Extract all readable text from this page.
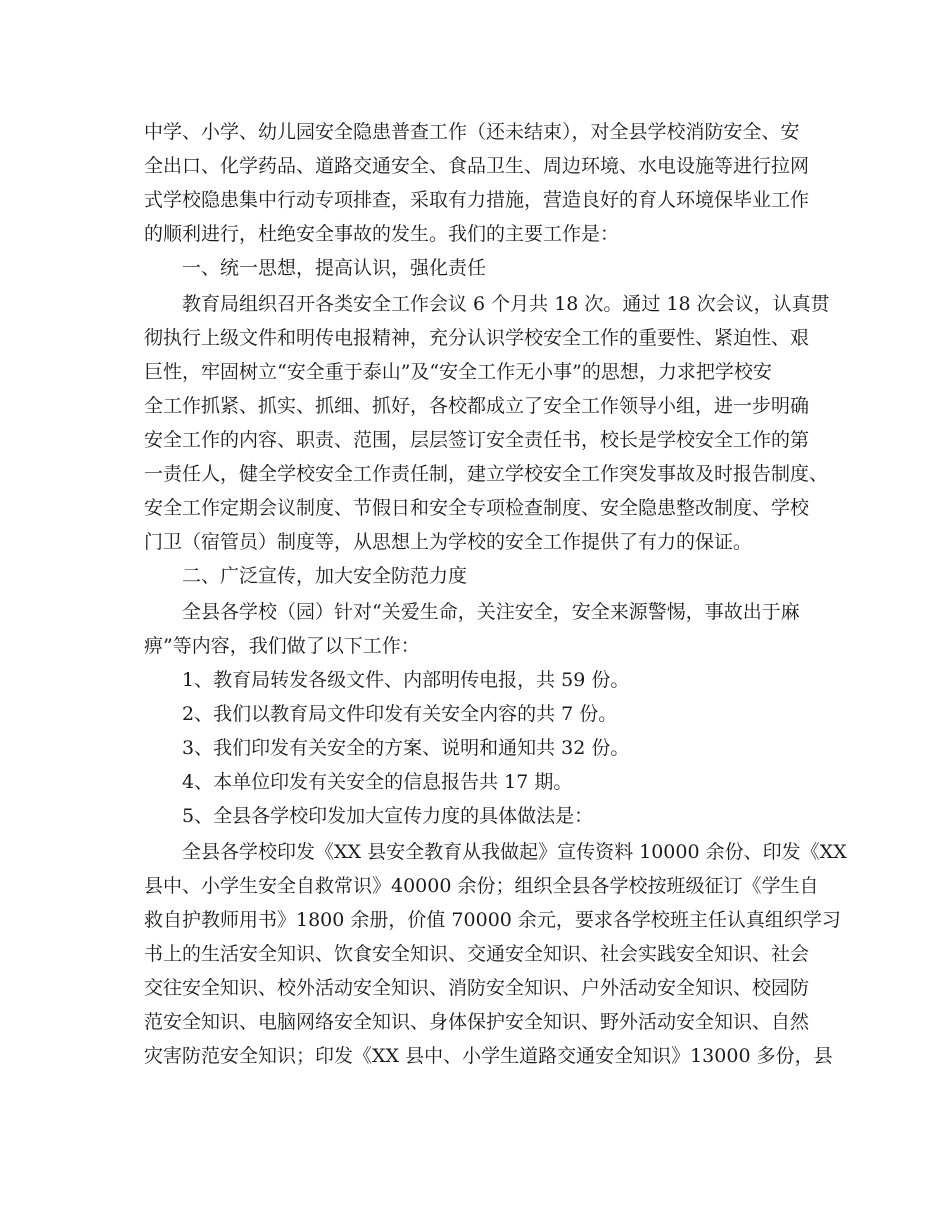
中学、小学、幼儿园安全隐患普查工作（还未结束），对全县学校消防安全、安
全出口、化学药品、道路交通安全、食品卫生、周边环境、水电设施等进行拉网
式学校隐患集中行动专项排查，采取有力措施，营造良好的育人环境保毕业工作
的顺利进行，杜绝安全事故的发生。我们的主要工作是：
一、统一思想，提高认识，强化责任
教育局组织召开各类安全工作会议 6 个月共 18 次。通过 18 次会议，认真贯
彻执行上级文件和明传电报精神，充分认识学校安全工作的重要性、紧迫性、艰
巨性，牢固树立“安全重于泰山”及“安全工作无小事”的思想，力求把学校安
全工作抓紧、抓实、抓细、抓好，各校都成立了安全工作领导小组，进一步明确
安全工作的内容、职责、范围，层层签订安全责任书，校长是学校安全工作的第
一责任人，健全学校安全工作责任制，建立学校安全工作突发事故及时报告制度、
安全工作定期会议制度、节假日和安全专项检查制度、安全隐患整改制度、学校
门卫（宿管员）制度等，从思想上为学校的安全工作提供了有力的保证。
二、广泛宣传，加大安全防范力度
全县各学校（园）针对“关爱生命，关注安全，安全来源警惕，事故出于麻
痹”等内容，我们做了以下工作：
1、教育局转发各级文件、内部明传电报，共 59 份。
2、我们以教育局文件印发有关安全内容的共 7 份。
3、我们印发有关安全的方案、说明和通知共 32 份。
4、本单位印发有关安全的信息报告共 17 期。
5、全县各学校印发加大宣传力度的具体做法是：
全县各学校印发《XX 县安全教育从我做起》宣传资料 10000 余份、印发《XX
县中、小学生安全自救常识》40000 余份；组织全县各学校按班级征订《学生自
救自护教师用书》1800 余册，价值 70000 余元，要求各学校班主任认真组织学习
书上的生活安全知识、饮食安全知识、交通安全知识、社会实践安全知识、社会
交往安全知识、校外活动安全知识、消防安全知识、户外活动安全知识、校园防
范安全知识、电脑网络安全知识、身体保护安全知识、野外活动安全知识、自然
灾害防范安全知识；印发《XX 县中、小学生道路交通安全知识》13000 多份，县
